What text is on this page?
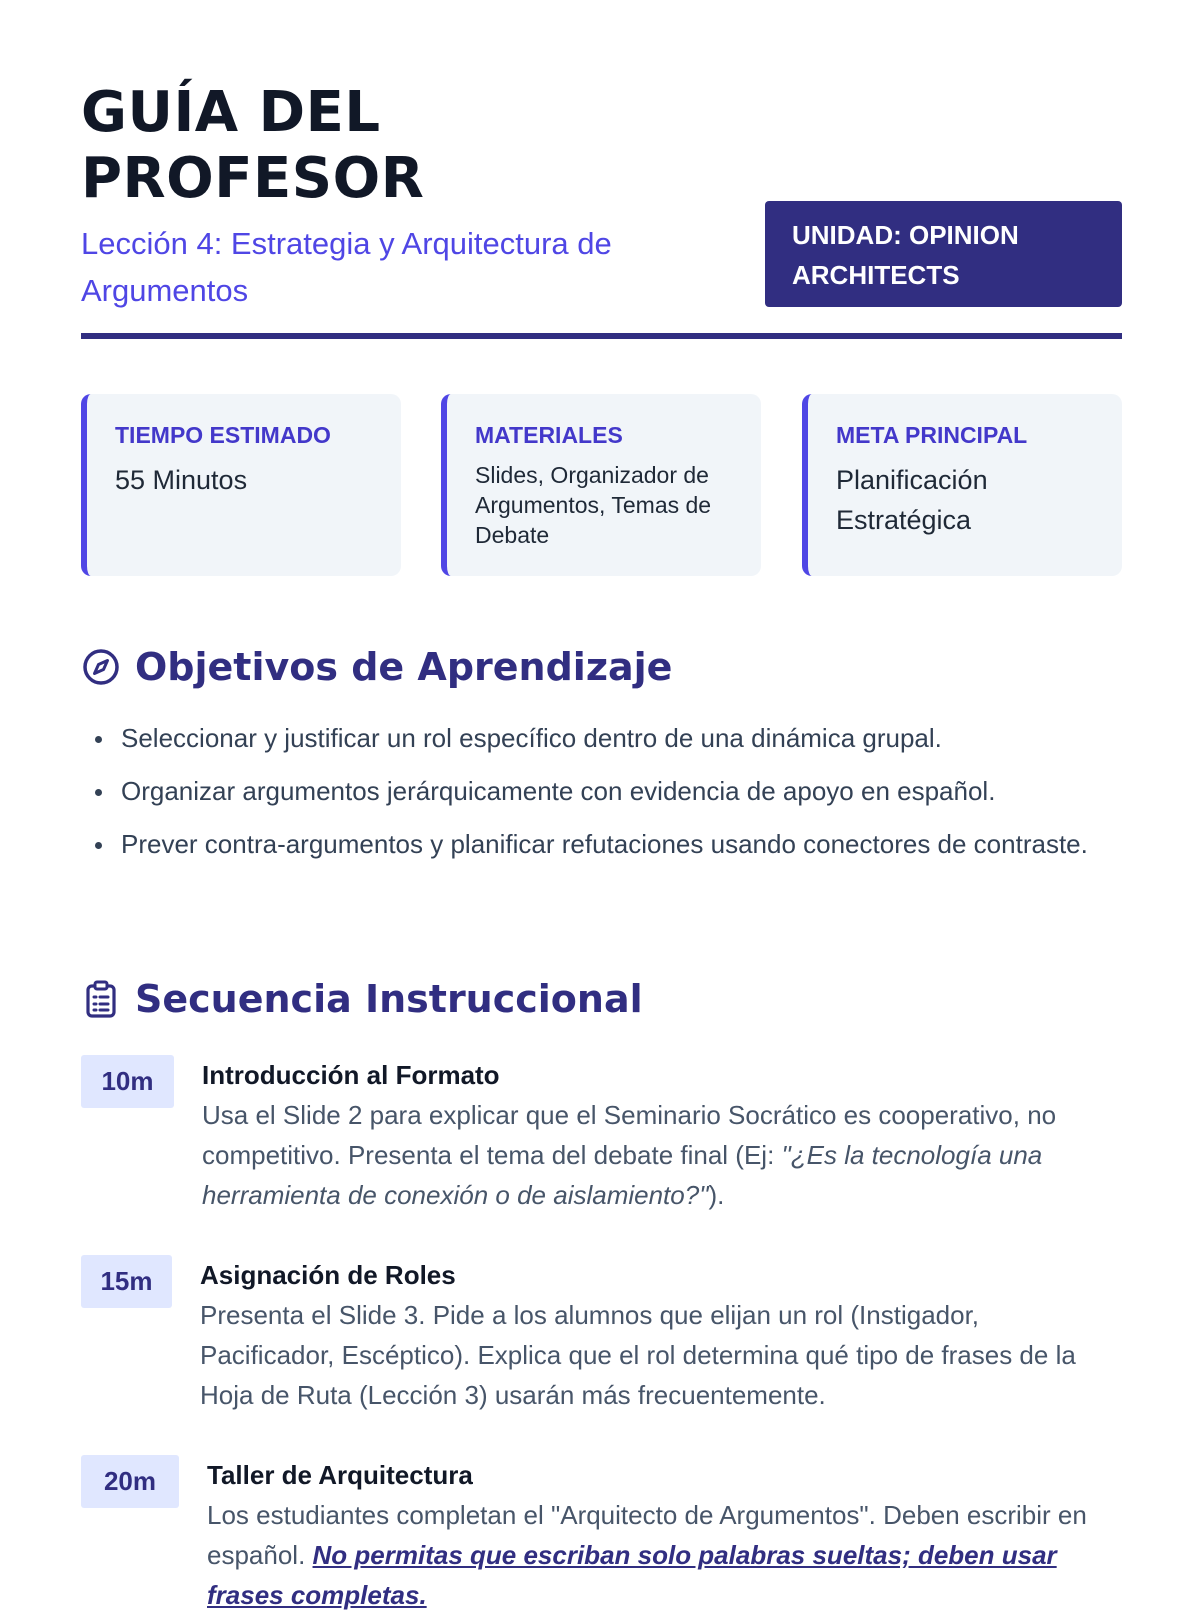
GUÍA DEL
PROFESOR
Lección 4: Estrategia y Arquitectura de Argumentos
UNIDAD: OPINION ARCHITECTS
TIEMPO ESTIMADO
55 Minutos
MATERIALES
Slides, Organizador de Argumentos, Temas de Debate
META PRINCIPAL
Planificación Estratégica
Objetivos de Aprendizaje
Seleccionar y justificar un rol específico dentro de una dinámica grupal.
Organizar argumentos jerárquicamente con evidencia de apoyo en español.
Prever contra-argumentos y planificar refutaciones usando conectores de contraste.
Secuencia Instruccional
10m	Introducción al Formato
Usa el Slide 2 para explicar que el Seminario Socrático es cooperativo, no competitivo. Presenta el tema del debate final (Ej: "¿Es la tecnología una herramienta de conexión o de aislamiento?").
15m	Asignación de Roles
Presenta el Slide 3. Pide a los alumnos que elijan un rol (Instigador, Pacificador, Escéptico). Explica que el rol determina qué tipo de frases de la Hoja de Ruta (Lección 3) usarán más frecuentemente.
20m	Taller de Arquitectura
Los estudiantes completan el "Arquitecto de Argumentos". Deben escribir en español. No permitas que escriban solo palabras sueltas; deben usar frases completas.
